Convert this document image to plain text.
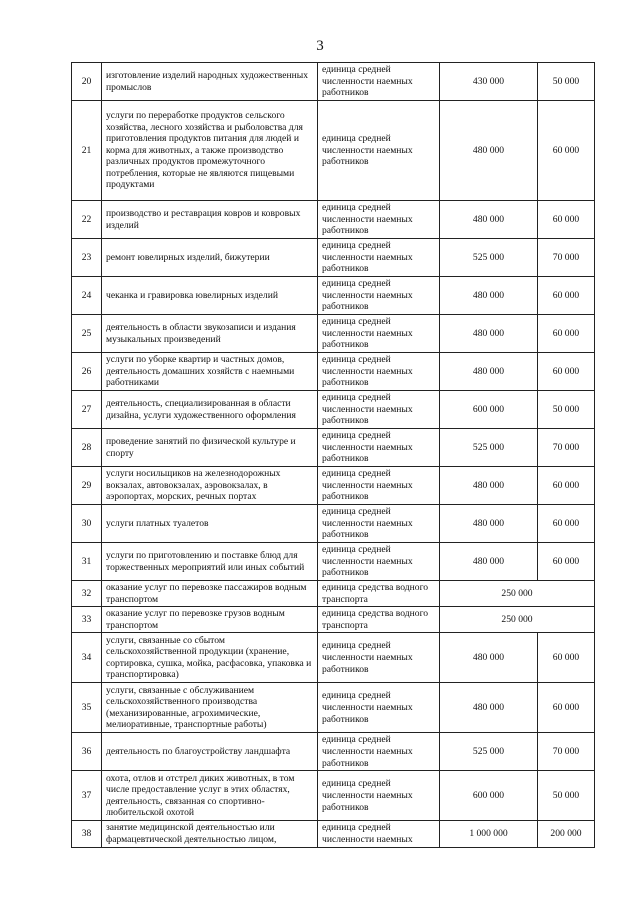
3
20	изготовление изделий народных художественных промыслов	единица средней численности наемных работников	430 000	50 000
21	услуги по переработке продуктов сельского хозяйства, лесного хозяйства и рыболовства для приготовления продуктов питания для людей и корма для животных, а также производство различных продуктов промежуточного потребления, которые не являются пищевыми продуктами	единица средней численности наемных работников	480 000	60 000
22	производство и реставрация ковров и ковровых изделий	единица средней численности наемных работников	480 000	60 000
23	ремонт ювелирных изделий, бижутерии	единица средней численности наемных работников	525 000	70 000
24	чеканка и гравировка ювелирных изделий	единица средней численности наемных работников	480 000	60 000
25	деятельность в области звукозаписи и издания музыкальных произведений	единица средней численности наемных работников	480 000	60 000
26	услуги по уборке квартир и частных домов, деятельность домашних хозяйств с наемными работниками	единица средней численности наемных работников	480 000	60 000
27	деятельность, специализированная в области дизайна, услуги художественного оформления	единица средней численности наемных работников	600 000	50 000
28	проведение занятий по физической культуре и спорту	единица средней численности наемных работников	525 000	70 000
29	услуги носильщиков на железнодорожных вокзалах, автовокзалах, аэровокзалах, в аэропортах, морских, речных портах	единица средней численности наемных работников	480 000	60 000
30	услуги платных туалетов	единица средней численности наемных работников	480 000	60 000
31	услуги по приготовлению и поставке блюд для торжественных мероприятий или иных событий	единица средней численности наемных работников	480 000	60 000
32	оказание услуг по перевозке пассажиров водным транспортом	единица средства водного транспорта	250 000	
33	оказание услуг по перевозке грузов водным транспортом	единица средства водного транспорта	250 000	
34	услуги, связанные со сбытом сельскохозяйственной продукции (хранение, сортировка, сушка, мойка, расфасовка, упаковка и транспортировка)	единица средней численности наемных работников	480 000	60 000
35	услуги, связанные с обслуживанием сельскохозяйственного производства (механизированные, агрохимические, мелиоративные, транспортные работы)	единица средней численности наемных работников	480 000	60 000
36	деятельность по благоустройству ландшафта	единица средней численности наемных работников	525 000	70 000
37	охота, отлов и отстрел диких животных, в том числе предоставление услуг в этих областях, деятельность, связанная со спортивно-любительской охотой	единица средней численности наемных работников	600 000	50 000
38	занятие медицинской деятельностью или фармацевтической деятельностью лицом,	единица средней численности наемных	1 000 000	200 000
